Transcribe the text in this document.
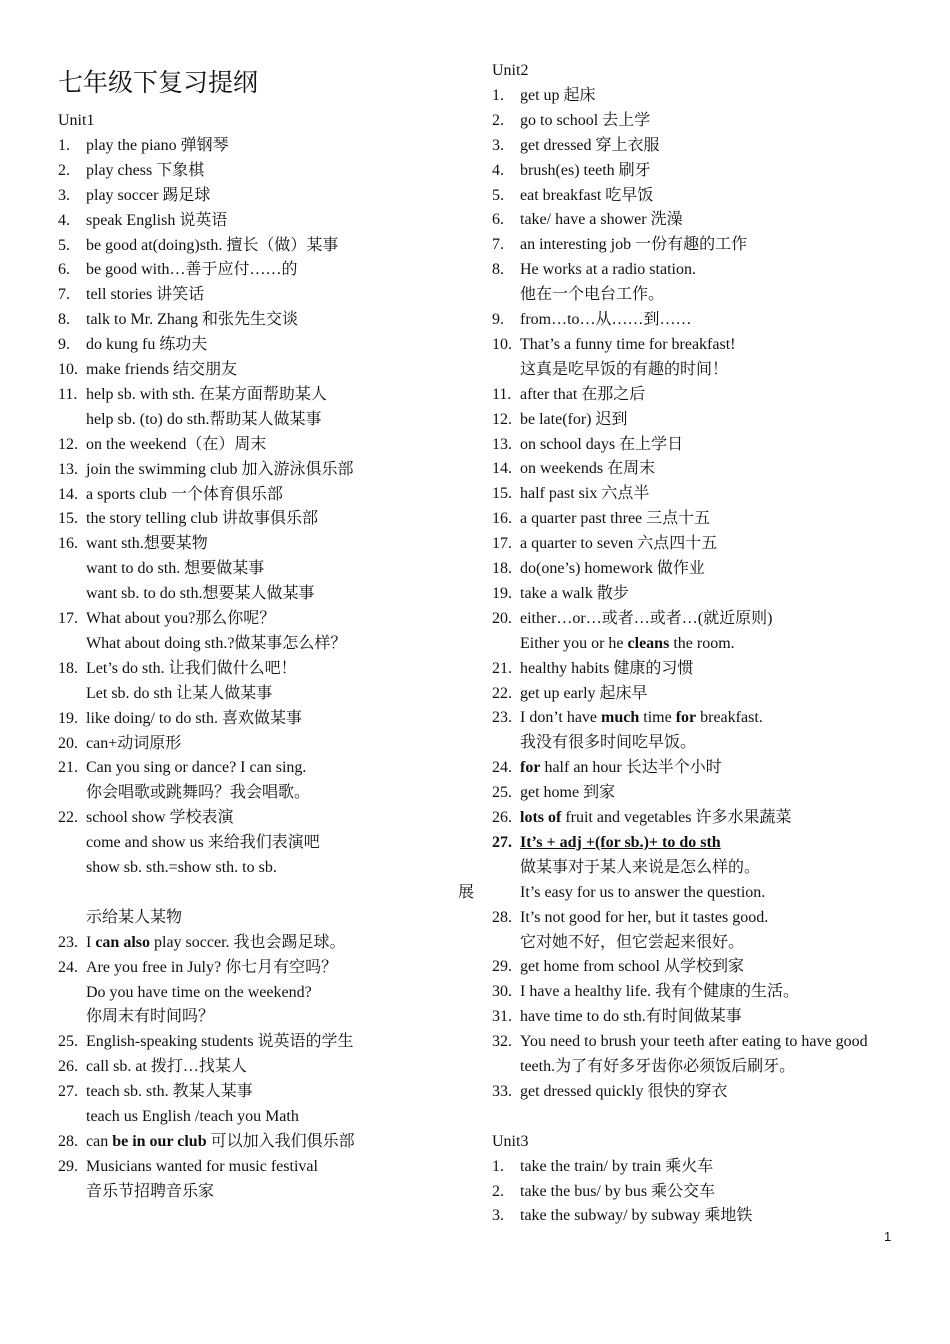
七年级下复习提纲
Unit1
1. play the piano 弹钢琴
2. play chess 下象棋
3. play soccer 踢足球
4. speak English 说英语
5. be good at(doing)sth. 擅长（做）某事
6. be good with…善于应付……的
7. tell stories 讲笑话
8. talk to Mr. Zhang 和张先生交谈
9. do kung fu 练功夫
10. make friends 结交朋友
11. help sb. with sth. 在某方面帮助某人
help sb. (to) do sth.帮助某人做某事
12. on the weekend（在）周末
13. join the swimming club 加入游泳俱乐部
14. a sports club 一个体育俱乐部
15. the story telling club 讲故事俱乐部
16. want sth.想要某物
want to do sth. 想要做某事
want sb. to do sth.想要某人做某事
17. What about you?那么你呢？
What about doing sth.?做某事怎么样？
18. Let’s do sth. 让我们做什么吧！
Let sb. do sth 让某人做某事
19. like doing/ to do sth. 喜欢做某事
20. can+动词原形
21. Can you sing or dance? I can sing.
你会唱歌或跳舞吗？我会唱歌。
22. school show 学校表演
come and show us 来给我们表演吧
show sb. sth.=show sth. to sb.
示给某人某物
23. I can also play soccer. 我也会踢足球。
24. Are you free in July? 你七月有空吗？
Do you have time on the weekend?
你周末有时间吗？
25. English-speaking students 说英语的学生
26. call sb. at 拨打…找某人
27. teach sb. sth. 教某人某事
teach us English /teach you Math
28. can be in our club 可以加入我们俱乐部
29. Musicians wanted for music festival
音乐节招聘音乐家
Unit2
1. get up 起床
2. go to school 去上学
3. get dressed 穿上衣服
4. brush(es) teeth 刷牙
5. eat breakfast 吃早饭
6. take/ have a shower 洗澡
7. an interesting job 一份有趣的工作
8. He works at a radio station.
他在一个电台工作。
9. from…to…从……到……
10. That’s a funny time for breakfast!
这真是吃早饭的有趣的时间！
11. after that 在那之后
12. be late(for) 迟到
13. on school days 在上学日
14. on weekends 在周末
15. half past six 六点半
16. a quarter past three 三点十五
17. a quarter to seven 六点四十五
18. do(one’s) homework 做作业
19. take a walk 散步
20. either…or…或者…或者…(就近原则)
Either you or he cleans the room.
21. healthy habits 健康的习惯
22. get up early 起床早
23. I don’t have much time for breakfast.
我没有很多时间吃早饭。
24. for half an hour 长达半个小时
25. get home 到家
26. lots of fruit and vegetables 许多水果蔬菜
27. It’s + adj +(for sb.)+ to do sth
做某事对于某人来说是怎么样的。
It’s easy for us to answer the question.
28. It’s not good for her, but it tastes good.
它对她不好，但它尝起来很好。
29. get home from school 从学校到家
30. I have a healthy life. 我有个健康的生活。
31. have time to do sth.有时间做某事
32. You need to brush your teeth after eating to have good
teeth.为了有好多牙齿你必须饭后刷牙。
33. get dressed quickly 很快的穿衣
Unit3
1. take the train/ by train 乘火车
2. take the bus/ by bus 乘公交车
3. take the subway/ by subway 乘地铁
展
1
